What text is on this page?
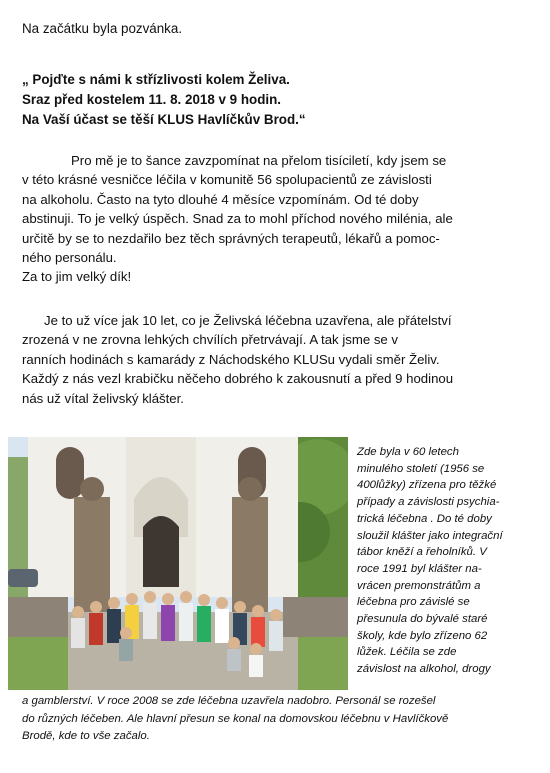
Na začátku byla pozvánka.
„ Pojďte s námi k střízlivosti kolem Želiva.
Sraz před kostelem 11. 8. 2018 v 9 hodin.
Na Vaší účast se těší KLUS Havlíčkův Brod.“
Pro mě je to šance zavzpomínat na přelom tisíciletí, kdy jsem se
v této krásné vesničce léčila v komunitě 56 spolupacientů ze závislosti
na alkoholu. Často na tyto dlouhé 4 měsíce vzpomínám. Od té doby
abstinuji. To je velký úspěch. Snad za to mohl příchod nového milénia, ale
určitě by se to nezdařilo bez těch správných terapeutů, lékařů a pomoc-
ného personálu.
Za to jim velký dík!
Je to už více jak 10 let, co je Želivská léčebna uzavřena, ale přátelství
zrozená v ne zrovna lehkých chvílích přetrvávají. A tak jsme se v
ranních hodinách s kamarády z Náchodského KLUSu vydali směr Želiv.
Každý z nás vezl krabičku něčeho dobrého k zakousnutí a před 9 hodinou
nás už vítal želivský klášter.
Zde byla v 60 letech
minulého století (1956 se
400lůžky) zřízena pro těžké
případy a závislosti psychia-
trická léčebna . Do té doby
sloužil klášter jako integrační
tábor kněží a řeholníků. V
roce 1991 byl klášter na-
vrácen premonstrátům a
léčebna pro závislé se
přesunula do bývalé staré
školy, kde bylo zřízeno 62
lůžek. Léčila se zde
závislost na alkohol, drogy
a gamblerství. V roce 2008 se zde léčebna uzavřela nadobro. Personál se rozešel
do různých léčeben. Ale hlavní přesun se konal na domovskou léčebnu v Havlíčkově
Brodě, kde to vše začalo.
